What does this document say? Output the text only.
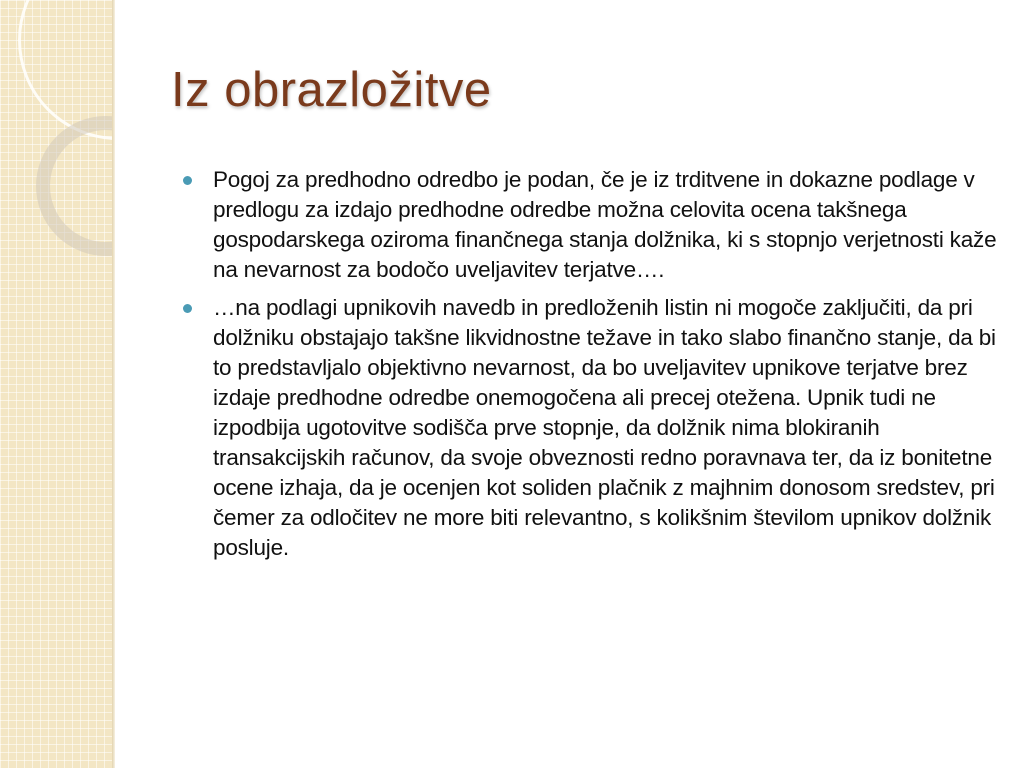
Iz obrazložitve
Pogoj za predhodno odredbo je podan, če je iz trditvene in dokazne podlage v predlogu za izdajo predhodne odredbe možna celovita ocena takšnega gospodarskega oziroma finančnega stanja dolžnika, ki s stopnjo verjetnosti kaže na nevarnost za bodočo uveljavitev terjatve….
…na podlagi upnikovih navedb in predloženih listin ni mogoče zaključiti, da pri dolžniku obstajajo takšne likvidnostne težave in tako slabo finančno stanje, da bi to predstavljalo objektivno nevarnost, da bo uveljavitev upnikove terjatve brez izdaje predhodne odredbe onemogočena ali precej otežena. Upnik tudi ne izpodbija ugotovitve sodišča prve stopnje, da dolžnik nima blokiranih transakcijskih računov, da svoje obveznosti redno poravnava ter, da iz bonitetne ocene izhaja, da je ocenjen kot soliden plačnik z majhnim donosom sredstev, pri čemer za odločitev ne more biti relevantno, s kolikšnim številom upnikov dolžnik posluje.
